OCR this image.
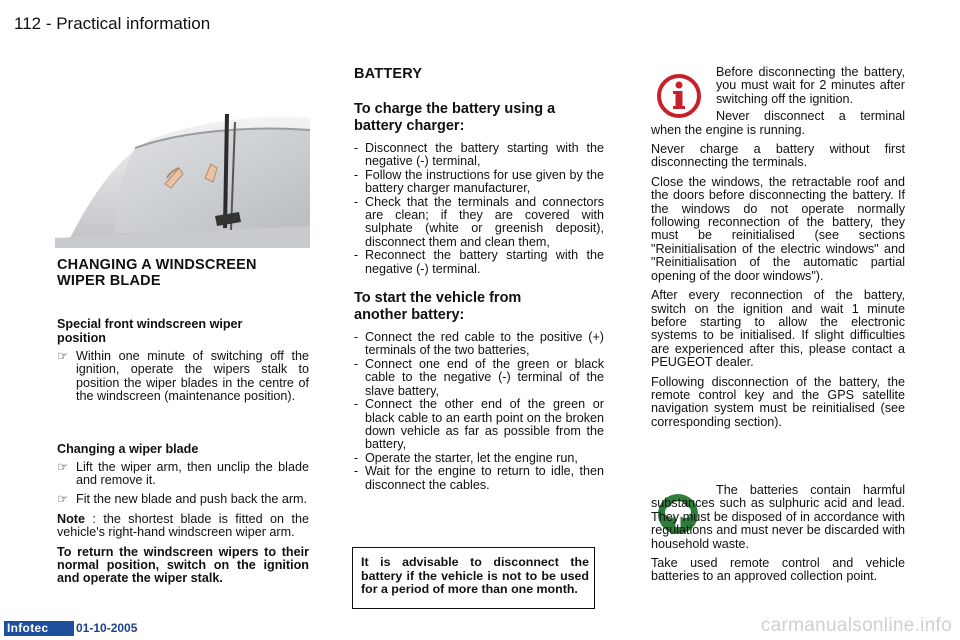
112 - Practical information
CHANGING A WINDSCREEN WIPER BLADE
Special front windscreen wiper position
☞ Within one minute of switching off the ignition, operate the wipers stalk to position the wiper blades in the centre of the windscreen (maintenance position).
Changing a wiper blade
☞ Lift the wiper arm, then unclip the blade and remove it.
☞ Fit the new blade and push back the arm.

Note : the shortest blade is fitted on the vehicle's right-hand windscreen wiper arm.

To return the windscreen wipers to their normal position, switch on the ignition and operate the wiper stalk.

BATTERY
To charge the battery using a battery charger:
- Disconnect the battery starting with the negative (-) terminal,
- Follow the instructions for use given by the battery charger manufacturer,
- Check that the terminals and connectors are clean; if they are covered with sulphate (white or greenish deposit), disconnect them and clean them,
- Reconnect the battery starting with the negative (-) terminal.
To start the vehicle from another battery:
- Connect the red cable to the positive (+) terminals of the two batteries,
- Connect one end of the green or black cable to the negative (-) terminal of the slave battery,
- Connect the other end of the green or black cable to an earth point on the broken down vehicle as far as possible from the battery,
- Operate the starter, let the engine run,
- Wait for the engine to return to idle, then disconnect the cables.
It is advisable to disconnect the battery if the vehicle is not to be used for a period of more than one month.

Before disconnecting the battery, you must wait for 2 minutes after switching off the ignition.

Never disconnect a terminal when the engine is running.

Never charge a battery without first disconnecting the terminals.

Close the windows, the retractable roof and the doors before disconnecting the battery. If the windows do not operate normally following reconnection of the battery, they must be reinitialised (see sections "Reinitialisation of the electric windows" and "Reinitialisation of the automatic partial opening of the door windows").

After every reconnection of the battery, switch on the ignition and wait 1 minute before starting to allow the electronic systems to be initialised. If slight difficulties are experienced after this, please contact a PEUGEOT dealer.

Following disconnection of the battery, the remote control key and the GPS satellite navigation system must be reinitialised (see corresponding section).

The batteries contain harmful substances such as sulphuric acid and lead. They must be disposed of in accordance with regulations and must never be discarded with household waste.

Take used remote control and vehicle batteries to an approved collection point.

Infotec	01-10-2005	carmanualsonline.info
